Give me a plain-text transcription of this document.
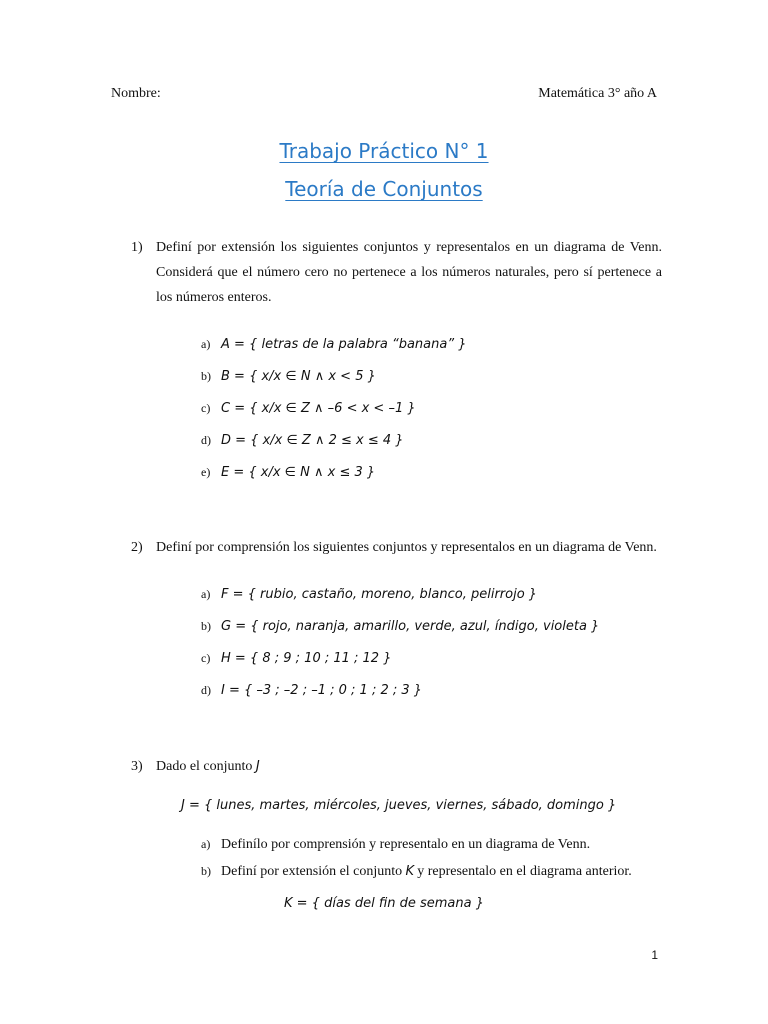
Nombre:	Matemática 3° año A
Trabajo Práctico N° 1
Teoría de Conjuntos
1) Definí por extensión los siguientes conjuntos y representalos en un diagrama de Venn. Considerá que el número cero no pertenece a los números naturales, pero sí pertenece a los números enteros.
a) A = { letras de la palabra “banana” }
b) B = { x/x ∈ N ∧ x < 5 }
c) C = { x/x ∈ Z ∧ –6 < x < –1 }
d) D = { x/x ∈ Z ∧ 2 ≤ x ≤ 4 }
e) E = { x/x ∈ N ∧ x ≤ 3 }
2) Definí por comprensión los siguientes conjuntos y representalos en un diagrama de Venn.
a) F = { rubio, castaño, moreno, blanco, pelirrojo }
b) G = { rojo, naranja, amarillo, verde, azul, índigo, violeta }
c) H = { 8 ; 9 ; 10 ; 11 ; 12 }
d) I = { –3 ; –2 ; –1 ; 0 ; 1 ; 2 ; 3 }
3) Dado el conjunto J
J = { lunes, martes, miércoles, jueves, viernes, sábado, domingo }
a) Definílo por comprensión y representalo en un diagrama de Venn.
b) Definí por extensión el conjunto K y representalo en el diagrama anterior.
K = { días del fin de semana }
1
